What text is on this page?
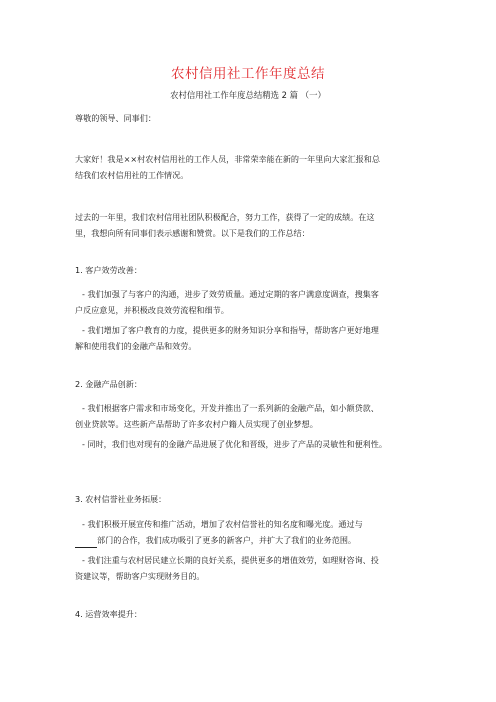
农村信用社工作年度总结
农村信用社工作年度总结精选 2 篇 （一）

尊敬的领导、同事们：

大家好！我是××村农村信用社的工作人员，非常荣幸能在新的一年里向大家汇报和总
结我们农村信用社的工作情况。

过去的一年里，我们农村信用社团队积极配合，努力工作，获得了一定的成绩。在这
里，我想向所有同事们表示感谢和赞赏。以下是我们的工作总结：

1. 客户效劳改善：

- 我们加强了与客户的沟通，进步了效劳质量。通过定期的客户满意度调查，搜集客
户反应意见，并积极改良效劳流程和细节。

- 我们增加了客户教育的力度，提供更多的财务知识分享和指导，帮助客户更好地理
解和使用我们的金融产品和效劳。

2. 金融产品创新：

- 我们根据客户需求和市场变化，开发并推出了一系列新的金融产品，如小额贷款、
创业贷款等。这些新产品帮助了许多农村户籍人员实现了创业梦想。

- 同时，我们也对现有的金融产品进展了优化和晋级，进步了产品的灵敏性和便利性。

3. 农村信誉社业务拓展：

- 我们积极开展宣传和推广活动，增加了农村信誉社的知名度和曝光度。通过与
部门的合作，我们成功吸引了更多的新客户，并扩大了我们的业务范围。

- 我们注重与农村居民建立长期的良好关系，提供更多的增值效劳，如理财咨询、投
资建议等，帮助客户实现财务目的。

4. 运营效率提升：
